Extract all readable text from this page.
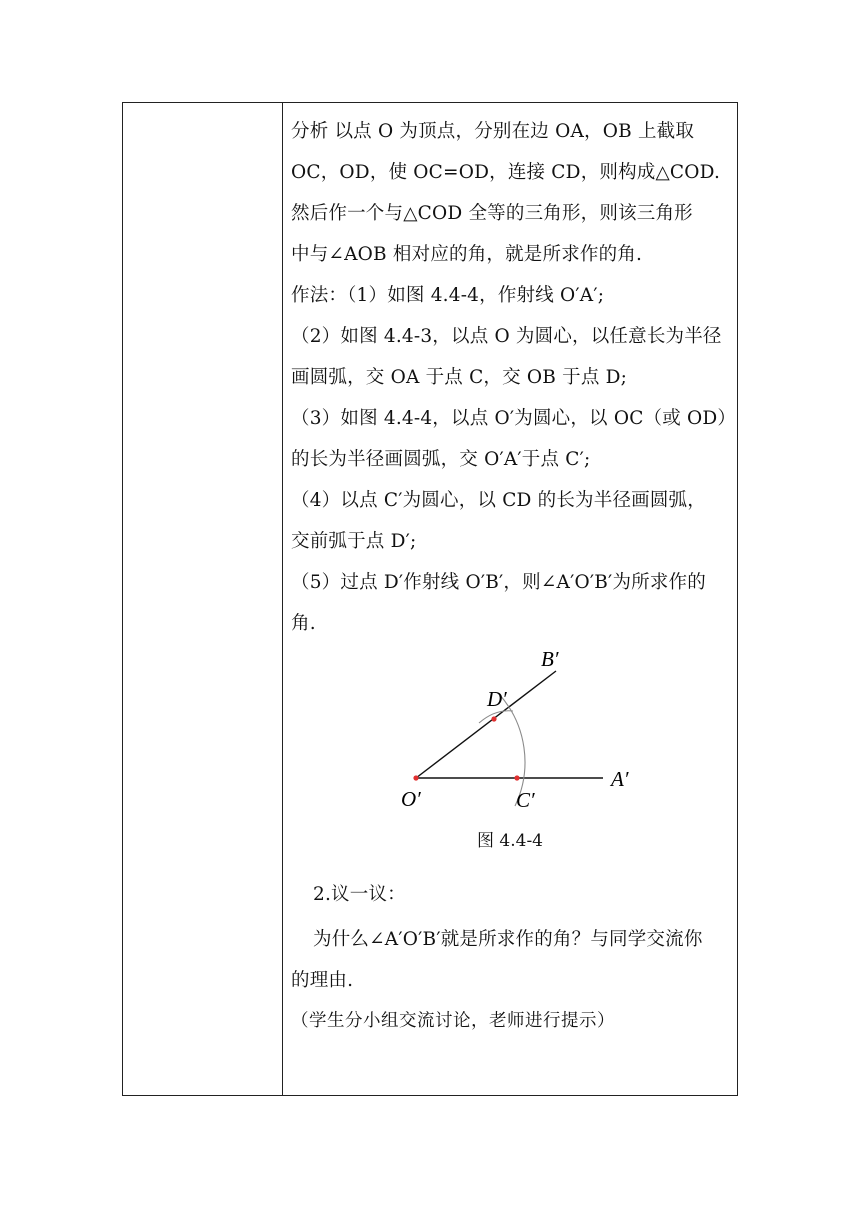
分析 以点 O 为顶点，分别在边 OA，OB 上截取

OC，OD，使 OC=OD，连接 CD，则构成△COD.

然后作一个与△COD 全等的三角形，则该三角形

中与∠AOB 相对应的角，就是所求作的角.

作法：（1）如图 4.4-4，作射线 O′A′;

（2）如图 4.4-3，以点 O 为圆心，以任意长为半径

画圆弧，交 OA 于点 C，交 OB 于点 D;

（3）如图 4.4-4，以点 O′为圆心，以 OC（或 OD）

的长为半径画圆弧，交 O′A′于点 C′;

（4）以点 C′为圆心，以 CD 的长为半径画圆弧，

交前弧于点 D′;

（5）过点 D′作射线 O′B′，则∠A′O′B′为所求作的

角.

B′
D′
O′	C′
A′
图 4.4-4

2.议一议：

为什么∠A′O′B′就是所求作的角？与同学交流你

的理由.

（学生分小组交流讨论，老师进行提示）
